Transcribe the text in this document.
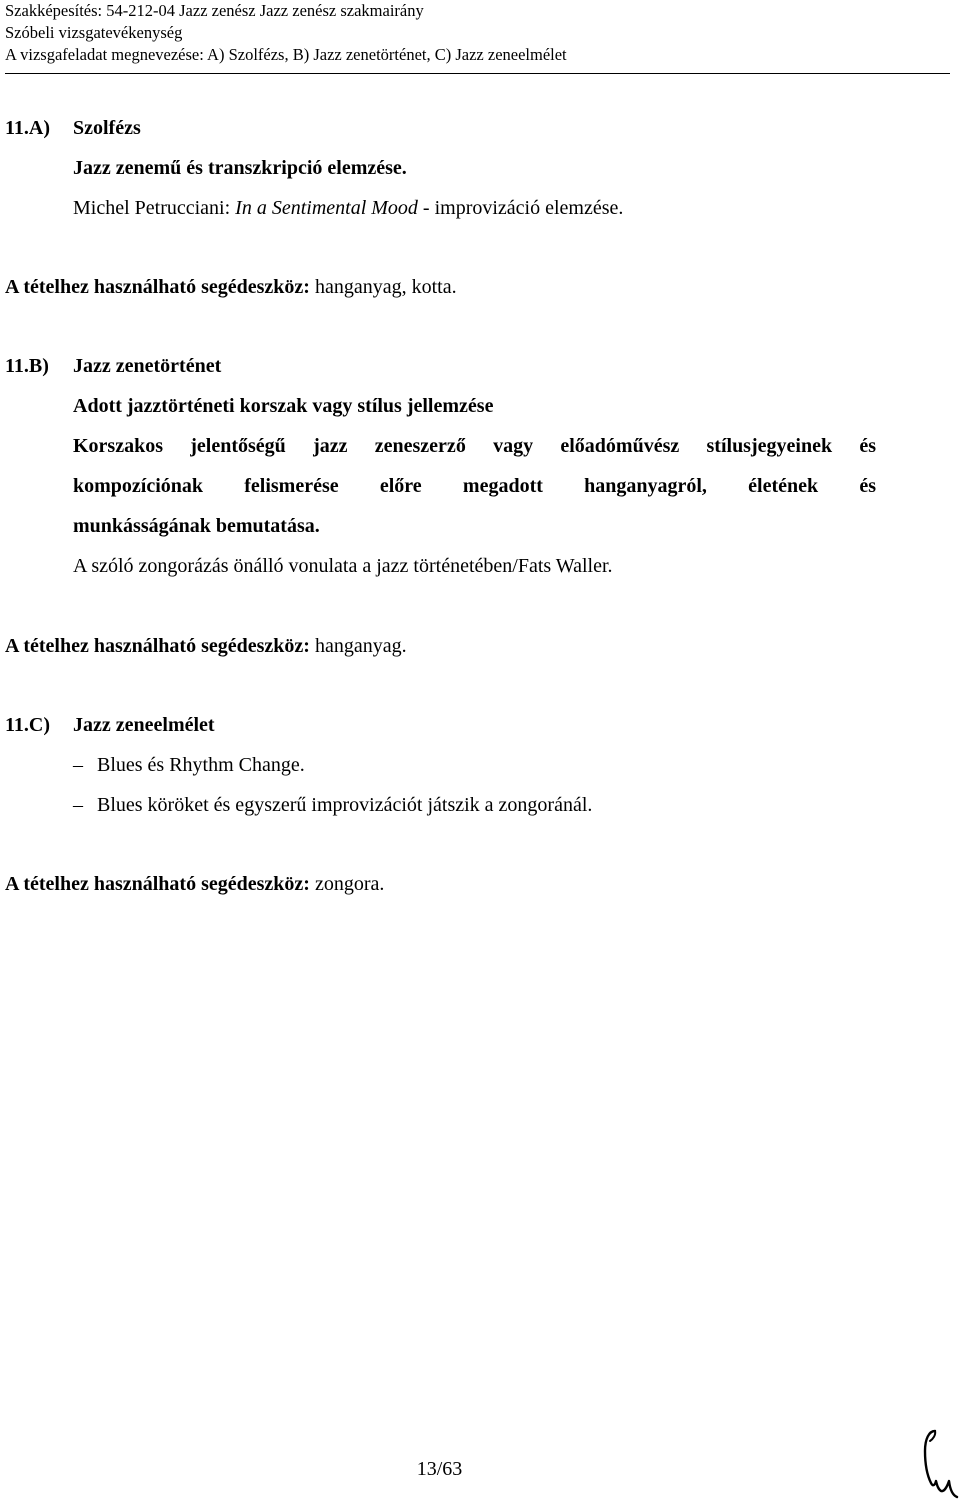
Szakképesítés: 54-212-04 Jazz zenész Jazz zenész szakmairány
Szóbeli vizsgatevékenység
A vizsgafeladat megnevezése: A) Szolfézs, B) Jazz zenetörténet, C) Jazz zeneelmélet
11.A) Szolfézs
Jazz zenemű és transzkripció elemzése.
Michel Petrucciani: In a Sentimental Mood - improvizáció elemzése.
A tételhez használható segédeszköz: hanganyag, kotta.
11.B) Jazz zenetörténet
Adott jazztörténeti korszak vagy stílus jellemzése
Korszakos jelentőségű jazz zeneszerző vagy előadóművész stílusjegyeinek és
kompozíciónak felismerése előre megadott hanganyagról, életének és
munkásságának bemutatása.
A szóló zongorázás önálló vonulata a jazz történetében/Fats Waller.
A tételhez használható segédeszköz: hanganyag.
11.C) Jazz zeneelmélet
– Blues és Rhythm Change.
– Blues köröket és egyszerű improvizációt játszik a zongoránál.
A tételhez használható segédeszköz: zongora.
13/63
